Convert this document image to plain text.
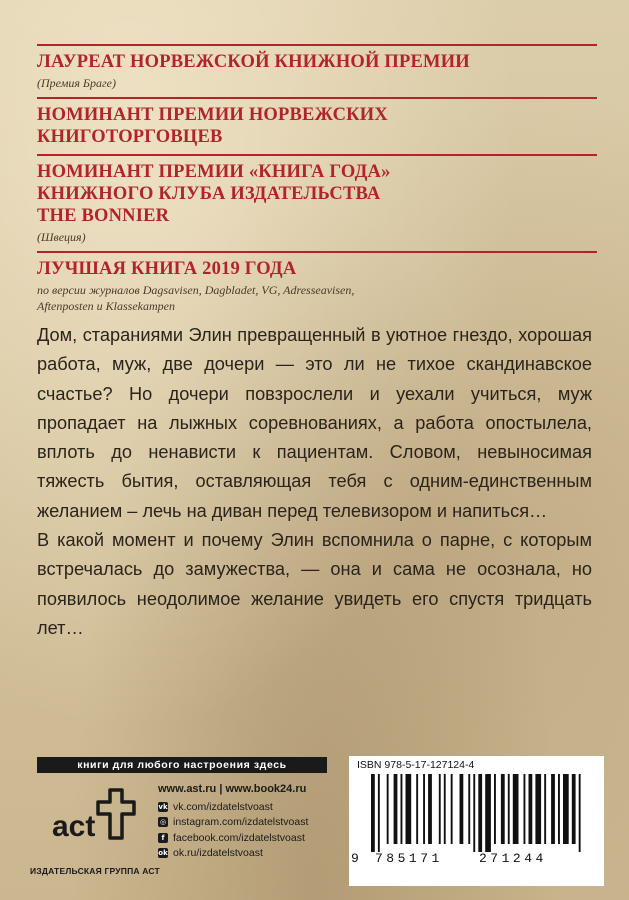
ЛАУРЕАТ НОРВЕЖСКОЙ КНИЖНОЙ ПРЕМИИ
(Премия Браге)
НОМИНАНТ ПРЕМИИ НОРВЕЖСКИХ
КНИГОТОРГОВЦЕВ
НОМИНАНТ ПРЕМИИ «КНИГА ГОДА»
КНИЖНОГО КЛУБА ИЗДАТЕЛЬСТВА
THE BONNIER
(Швеция)
ЛУЧШАЯ КНИГА 2019 ГОДА
по версии журналов Dagsavisen, Dagbladet, VG, Adresseavisen,
Aftenposten и Klassekampen

Дом, стараниями Элин превращенный в уютное гнездо, хорошая работа, муж, две дочери — это ли не тихое скандинавское счастье? Но дочери повзрослели и уехали учиться, муж пропадает на лыжных соревнованиях, а работа опостылела, вплоть до ненависти к пациентам. Словом, невыносимая тяжесть бытия, оставляющая тебя с одним-единственным желанием – лечь на диван перед телевизором и напиться…

В какой момент и почему Элин вспомнила о парне, с которым встречалась до замужества, — она и сама не осознала, но появилось неодолимое желание увидеть его спустя тридцать лет…

книги для любого настроения здесь
act
ИЗДАТЕЛЬСКАЯ ГРУППА АСТ
www.ast.ru | www.book24.ru
vk vk.com/izdatelstvoast
◎ instagram.com/izdatelstvoast
f facebook.com/izdatelstvoast
ok ok.ru/izdatelstvoast
ISBN 978-5-17-127124-4
9 785171	271244
